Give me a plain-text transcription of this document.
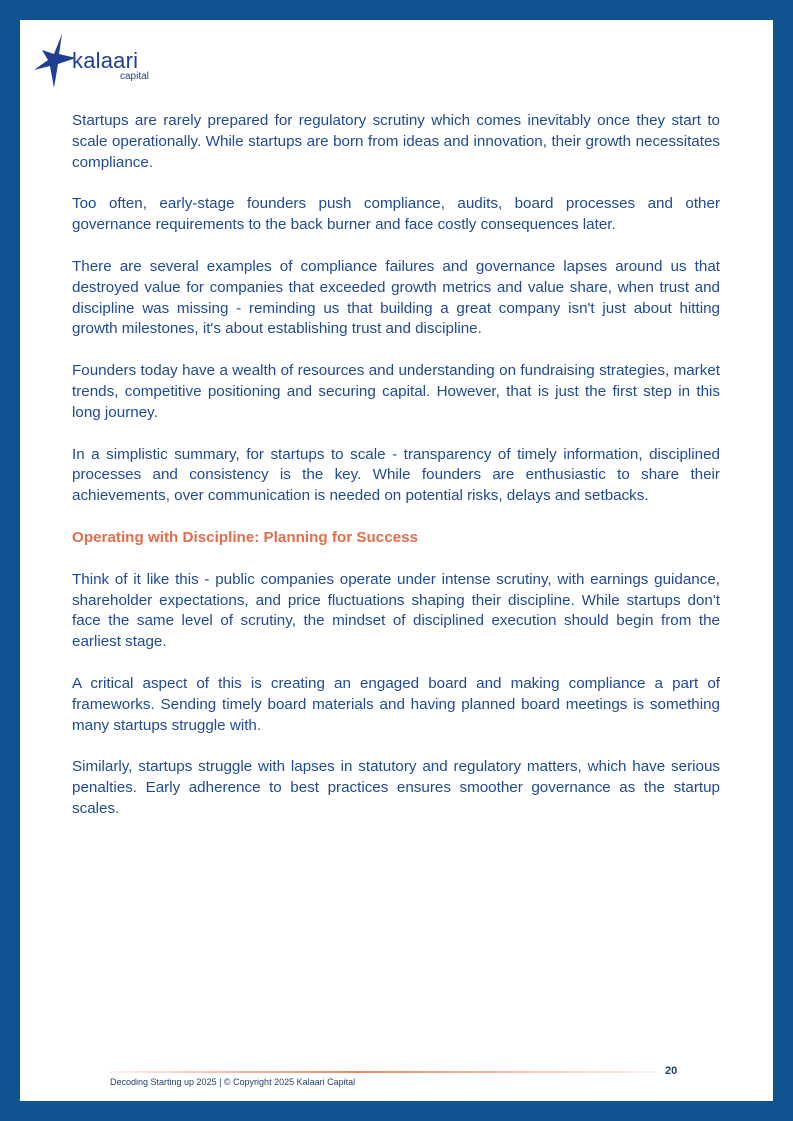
kalaari
capital

Startups are rarely prepared for regulatory scrutiny which comes inevitably once they start to scale operationally. While startups are born from ideas and innovation, their growth necessitates compliance.

Too often, early-stage founders push compliance, audits, board processes and other governance requirements to the back burner and face costly consequences later.

There are several examples of compliance failures and governance lapses around us that destroyed value for companies that exceeded growth metrics and value share, when trust and discipline was missing - reminding us that building a great company isn't just about hitting growth milestones, it's about establishing trust and discipline.

Founders today have a wealth of resources and understanding on fundraising strategies, market trends, competitive positioning and securing capital. However, that is just the first step in this long journey.

In a simplistic summary, for startups to scale - transparency of timely information, disciplined processes and consistency is the key. While founders are enthusiastic to share their achievements, over communication is needed on potential risks, delays and setbacks.

Operating with Discipline: Planning for Success

Think of it like this - public companies operate under intense scrutiny, with earnings guidance, shareholder expectations, and price fluctuations shaping their discipline. While startups don't face the same level of scrutiny, the mindset of disciplined execution should begin from the earliest stage.

A critical aspect of this is creating an engaged board and making compliance a part of frameworks. Sending timely board materials and having planned board meetings is something many startups struggle with.

Similarly, startups struggle with lapses in statutory and regulatory matters, which have serious penalties. Early adherence to best practices ensures smoother governance as the startup scales.

Decoding Starting up 2025 | © Copyright 2025 Kalaari Capital
20
